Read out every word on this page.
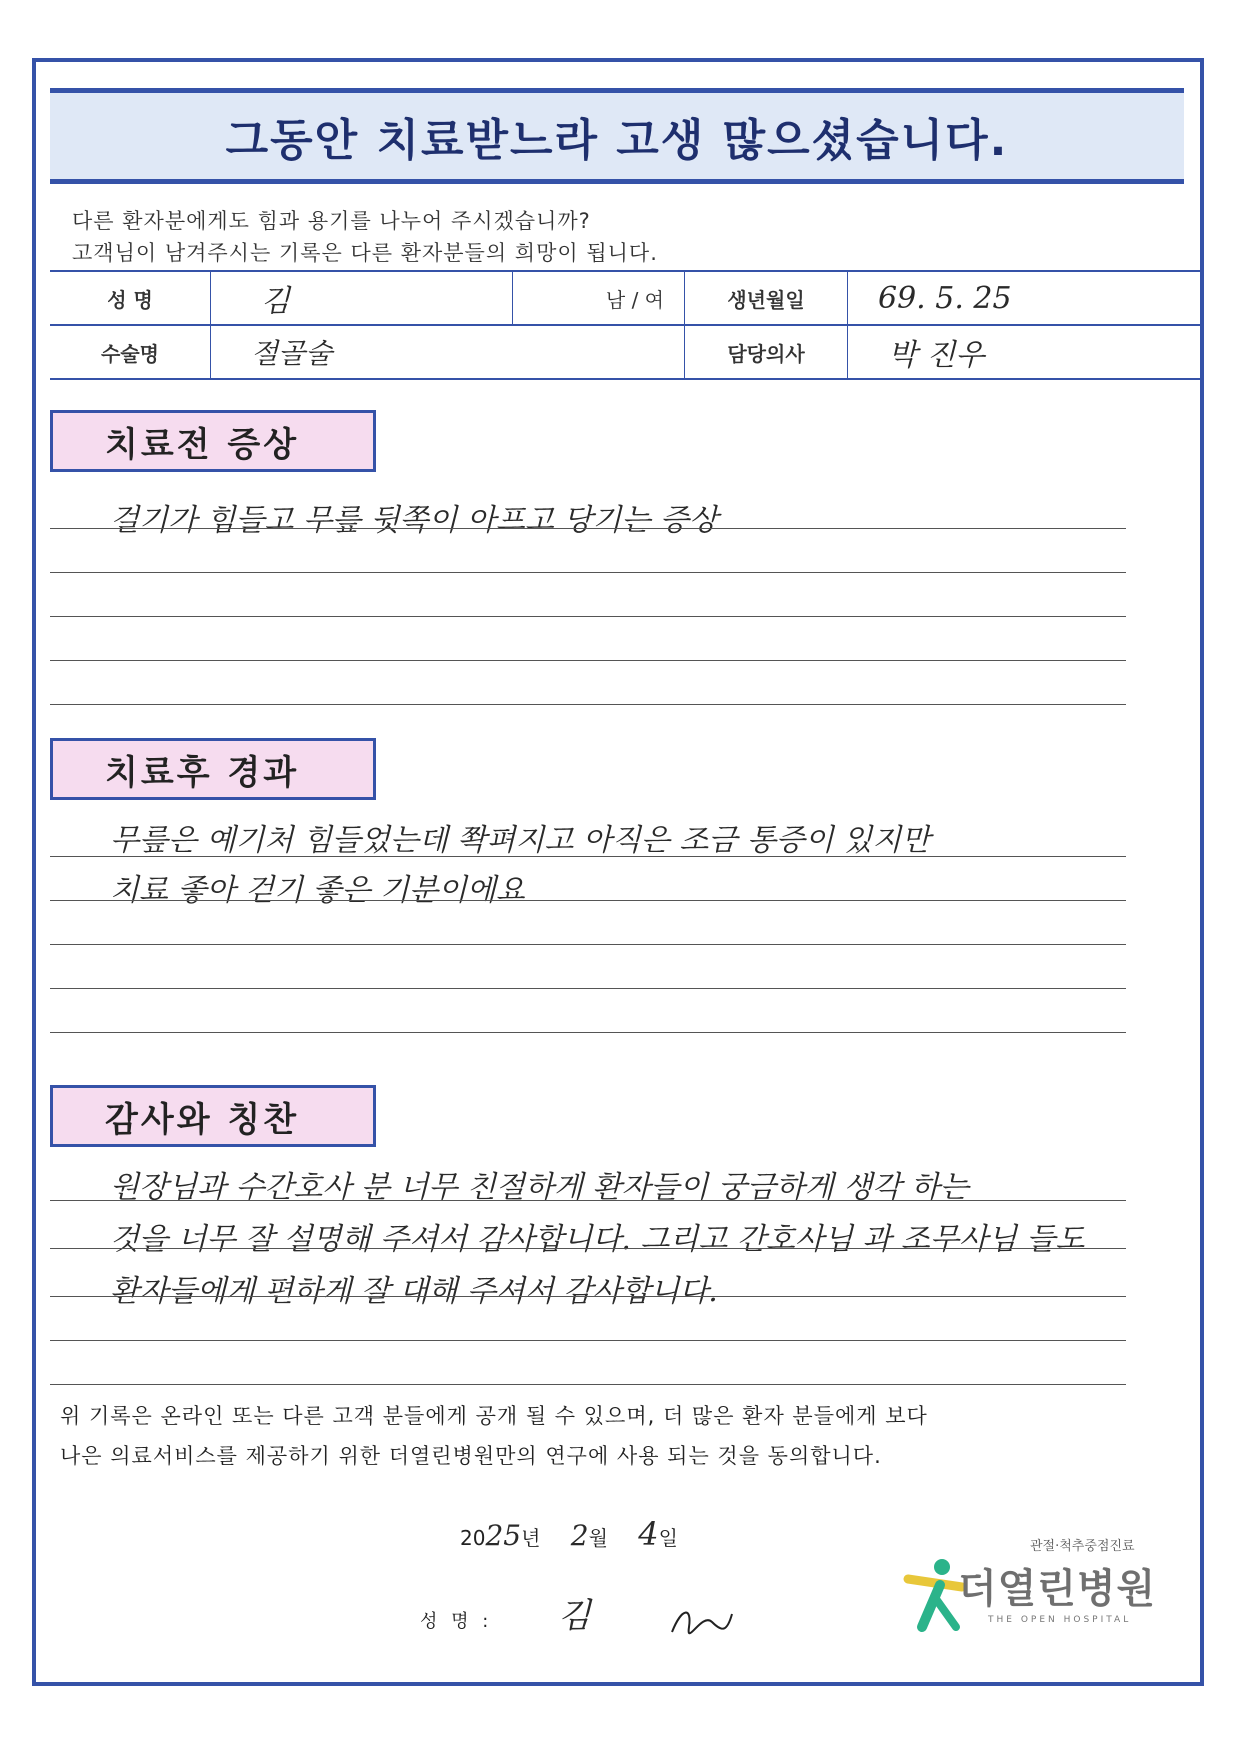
그동안 치료받느라 고생 많으셨습니다.
다른 환자분에게도 힘과 용기를 나누어 주시겠습니까?
고객님이 남겨주시는 기록은 다른 환자분들의 희망이 됩니다.
성 명	김	남 / 여	생년월일	69. 5. 25
수술명	절골술		담당의사	박 진우
치료전 증상
걸기가 힘들고 무릎 뒷쪽이 아프고 당기는 증상
치료후 경과
무릎은 예기처 힘들었는데 쫙펴지고 아직은 조금 통증이 있지만
치료 좋아 걷기 좋은 기분이에요
감사와 칭찬
원장님과 수간호사 분 너무 친절하게 환자들이 궁금하게 생각 하는
것을 너무 잘 설명해 주셔서 감사합니다. 그리고 간호사님 과 조무사님 들도
환자들에게 편하게 잘 대해 주셔서 감사합니다.
위 기록은 온라인 또는 다른 고객 분들에게 공개 될 수 있으며, 더 많은 환자 분들에게 보다
나은 의료서비스를 제공하기 위한 더열린병원만의 연구에 사용 되는 것을 동의합니다.
2025년 2월 4일
성 명 : 김
관절·척추중점진료
더열린병원
THE OPEN HOSPITAL
